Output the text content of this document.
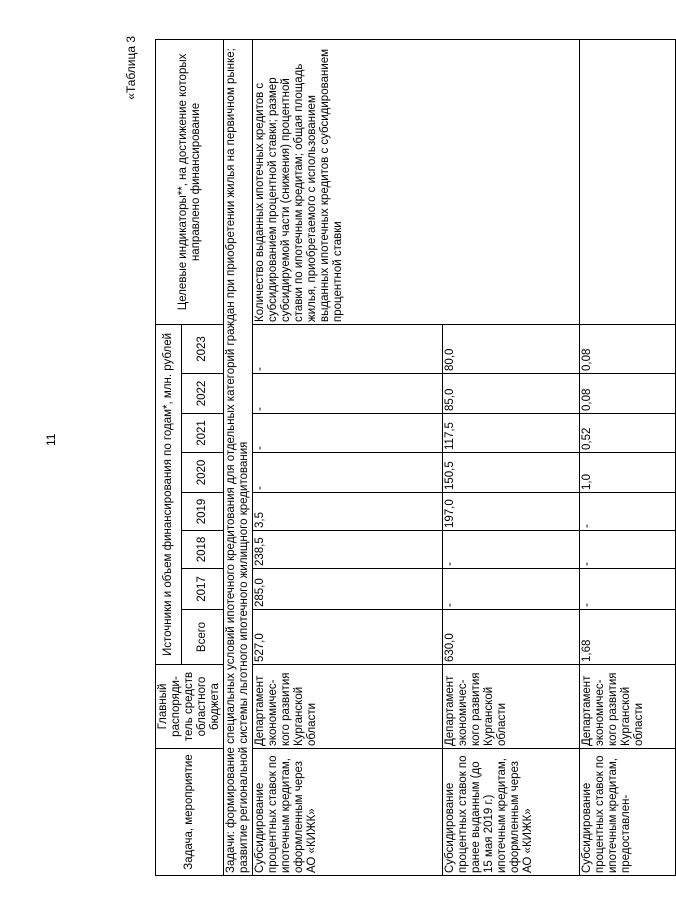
11
«Таблица 3
Задача, мероприятие	Главный распоряди-тель средств областного бюджета	Источники и объем финансирования по годам*, млн. рублей								Целевые индикаторы**, на достижение которых направлено финансирование
		Всего	2017	2018	2019	2020	2021	2022	2023	
Задачи: формирование специальных условий ипотечного кредитования для отдельных категорий граждан при приобретении жилья на первичном рынке; развитие региональной системы льготного ипотечного жилищного кредитования										
Субсидирование процентных ставок по ипотечным кредитам, оформленным через АО «КИЖК»	Департамент экономичес-кого развития Курганской области	527,0	285,0	238,5	3,5	-	-	-	-	Количество выданных ипотечных кредитов с субсидированием процентной ставки; размер субсидируемой части (снижения) процентной ставки по ипотечным кредитам; общая площадь жилья, приобретаемого с использованием выданных ипотечных кредитов с субсидированием процентной ставки
Субсидирование процентных ставок по ранее выданным (до 15 мая 2019 г.) ипотечным кредитам, оформленным через АО «КИЖК»	Департамент экономичес-кого развития Курганской области	630,0	-	-	197,0	150,5	117,5	85,0	80,0	
Субсидирование процентных ставок по ипотечным кредитам, предоставлен-	Департамент экономичес-кого развития Курганской области	1,68	-	-	-	1,0	0,52	0,08	0,08	
